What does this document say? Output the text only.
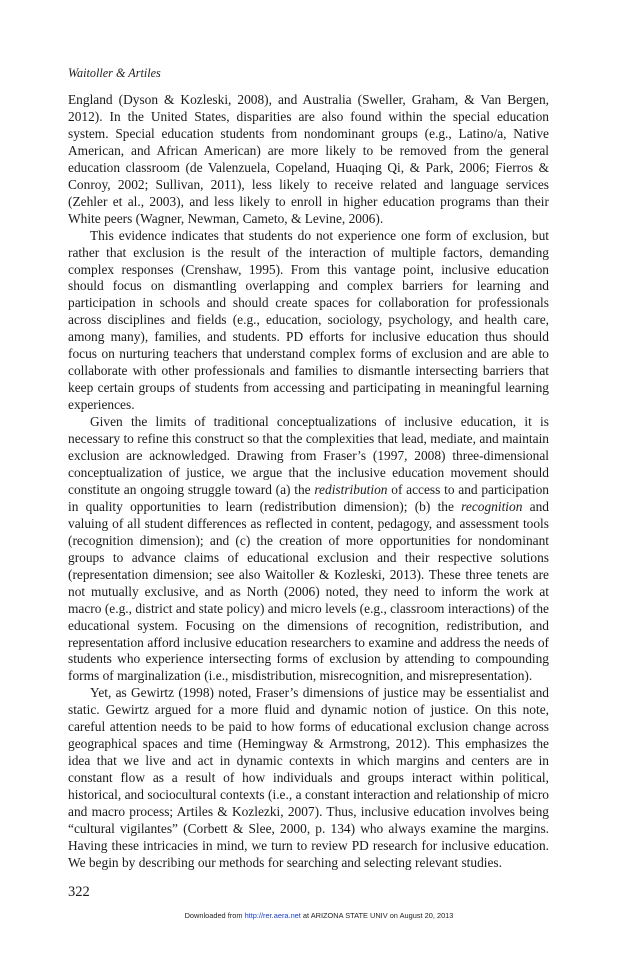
Waitoller & Artiles

England (Dyson & Kozleski, 2008), and Australia (Sweller, Graham, & Van Bergen, 2012). In the United States, disparities are also found within the special education system. Special education students from nondominant groups (e.g., Latino/a, Native American, and African American) are more likely to be removed from the general education classroom (de Valenzuela, Copeland, Huaqing Qi, & Park, 2006; Fierros & Conroy, 2002; Sullivan, 2011), less likely to receive related and language services (Zehler et al., 2003), and less likely to enroll in higher education programs than their White peers (Wagner, Newman, Cameto, & Levine, 2006).

This evidence indicates that students do not experience one form of exclusion, but rather that exclusion is the result of the interaction of multiple factors, demanding complex responses (Crenshaw, 1995). From this vantage point, inclusive education should focus on dismantling overlapping and complex barriers for learning and participation in schools and should create spaces for collaboration for professionals across disciplines and fields (e.g., education, sociology, psychology, and health care, among many), families, and students. PD efforts for inclusive education thus should focus on nurturing teachers that understand complex forms of exclusion and are able to collaborate with other professionals and families to dismantle intersecting barriers that keep certain groups of students from accessing and participating in meaningful learning experiences.

Given the limits of traditional conceptualizations of inclusive education, it is necessary to refine this construct so that the complexities that lead, mediate, and maintain exclusion are acknowledged. Drawing from Fraser’s (1997, 2008) three-dimensional conceptualization of justice, we argue that the inclusive education movement should constitute an ongoing struggle toward (a) the redistribution of access to and participation in quality opportunities to learn (redistribution dimension); (b) the recognition and valuing of all student differences as reflected in content, pedagogy, and assessment tools (recognition dimension); and (c) the creation of more opportunities for nondominant groups to advance claims of educational exclusion and their respective solutions (representation dimension; see also Waitoller & Kozleski, 2013). These three tenets are not mutually exclusive, and as North (2006) noted, they need to inform the work at macro (e.g., district and state policy) and micro levels (e.g., classroom interactions) of the educational system. Focusing on the dimensions of recognition, redistribution, and representation afford inclusive education researchers to examine and address the needs of students who experience intersecting forms of exclusion by attending to compounding forms of marginalization (i.e., misdistribution, misrecognition, and misrepresentation).

Yet, as Gewirtz (1998) noted, Fraser’s dimensions of justice may be essentialist and static. Gewirtz argued for a more fluid and dynamic notion of justice. On this note, careful attention needs to be paid to how forms of educational exclusion change across geographical spaces and time (Hemingway & Armstrong, 2012). This emphasizes the idea that we live and act in dynamic contexts in which margins and centers are in constant flow as a result of how individuals and groups interact within political, historical, and sociocultural contexts (i.e., a constant interaction and relationship of micro and macro process; Artiles & Kozlezki, 2007). Thus, inclusive education involves being “cultural vigilantes” (Corbett & Slee, 2000, p. 134) who always examine the margins. Having these intricacies in mind, we turn to review PD research for inclusive education. We begin by describing our methods for searching and selecting relevant studies.

322
Downloaded from http://rer.aera.net at ARIZONA STATE UNIV on August 20, 2013
